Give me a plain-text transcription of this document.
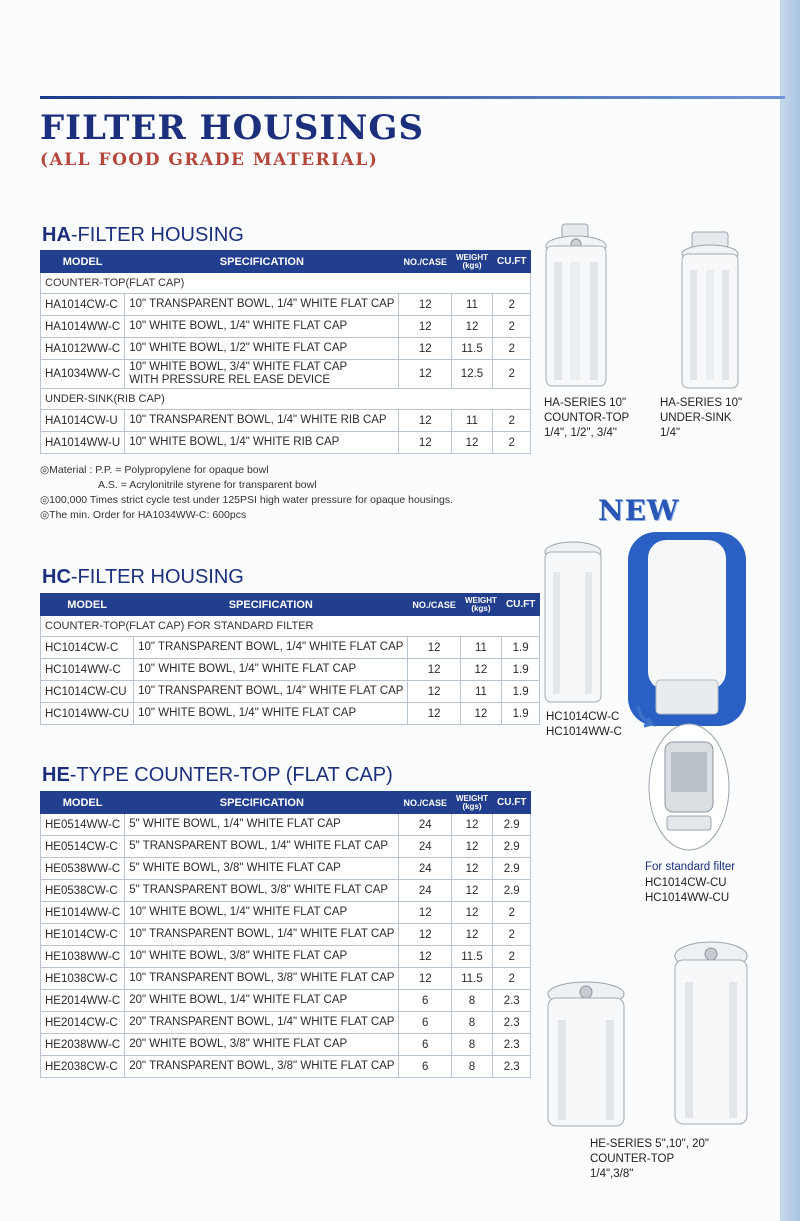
FILTER HOUSINGS
(ALL FOOD GRADE MATERIAL)
HA-FILTER HOUSING
MODEL	SPECIFICATION	NO./CASE	WEIGHT
(kgs)	CU.FT
COUNTER-TOP(FLAT CAP)				
HA1014CW-C	10" TRANSPARENT BOWL, 1/4" WHITE FLAT CAP	12	11	2
HA1014WW-C	10" WHITE BOWL, 1/4" WHITE FLAT CAP	12	12	2
HA1012WW-C	10" WHITE BOWL, 1/2" WHITE FLAT CAP	12	11.5	2
HA1034WW-C	10" WHITE BOWL, 3/4" WHITE FLAT CAP
WITH PRESSURE REL EASE DEVICE	12	12.5	2
UNDER-SINK(RIB CAP)				
HA1014CW-U	10" TRANSPARENT BOWL, 1/4" WHITE RIB CAP	12	11	2
HA1014WW-U	10" WHITE BOWL, 1/4" WHITE RIB CAP	12	12	2
◎Material : P.P. = Polypropylene for opaque bowl
A.S. = Acrylonitrile styrene for transparent bowl
◎100,000 Times strict cycle test under 125PSI high water pressure for opaque housings.
◎The min. Order for HA1034WW-C: 600pcs
HC-FILTER HOUSING
MODEL	SPECIFICATION	NO./CASE	WEIGHT
(kgs)	CU.FT
COUNTER-TOP(FLAT CAP) FOR STANDARD FILTER				
HC1014CW-C	10" TRANSPARENT BOWL, 1/4" WHITE FLAT CAP	12	11	1.9
HC1014WW-C	10" WHITE BOWL, 1/4" WHITE FLAT CAP	12	12	1.9
HC1014CW-CU	10" TRANSPARENT BOWL, 1/4" WHITE FLAT CAP	12	11	1.9
HC1014WW-CU	10" WHITE BOWL, 1/4" WHITE FLAT CAP	12	12	1.9
HE-TYPE COUNTER-TOP (FLAT CAP)
MODEL	SPECIFICATION	NO./CASE	WEIGHT
(kgs)	CU.FT
HE0514WW-C	5" WHITE BOWL, 1/4" WHITE FLAT CAP	24	12	2.9
HE0514CW-C	5" TRANSPARENT BOWL, 1/4" WHITE FLAT CAP	24	12	2.9
HE0538WW-C	5" WHITE BOWL, 3/8" WHITE FLAT CAP	24	12	2.9
HE0538CW-C	5" TRANSPARENT BOWL, 3/8" WHITE FLAT CAP	24	12	2.9
HE1014WW-C	10" WHITE BOWL, 1/4" WHITE FLAT CAP	12	12	2
HE1014CW-C	10" TRANSPARENT BOWL, 1/4" WHITE FLAT CAP	12	12	2
HE1038WW-C	10" WHITE BOWL, 3/8" WHITE FLAT CAP	12	11.5	2
HE1038CW-C	10" TRANSPARENT BOWL, 3/8" WHITE FLAT CAP	12	11.5	2
HE2014WW-C	20" WHITE BOWL, 1/4" WHITE FLAT CAP	6	8	2.3
HE2014CW-C	20" TRANSPARENT BOWL, 1/4" WHITE FLAT CAP	6	8	2.3
HE2038WW-C	20" WHITE BOWL, 3/8" WHITE FLAT CAP	6	8	2.3
HE2038CW-C	20" TRANSPARENT BOWL, 3/8" WHITE FLAT CAP	6	8	2.3
HA-SERIES 10"
COUNTOR-TOP
1/4", 1/2", 3/4"
HA-SERIES 10"
UNDER-SINK
1/4"
NEW
HC1014CW-C
HC1014WW-C
For standard filter
HC1014CW-CU
HC1014WW-CU
HE-SERIES 5",10", 20"
COUNTER-TOP
1/4",3/8"
